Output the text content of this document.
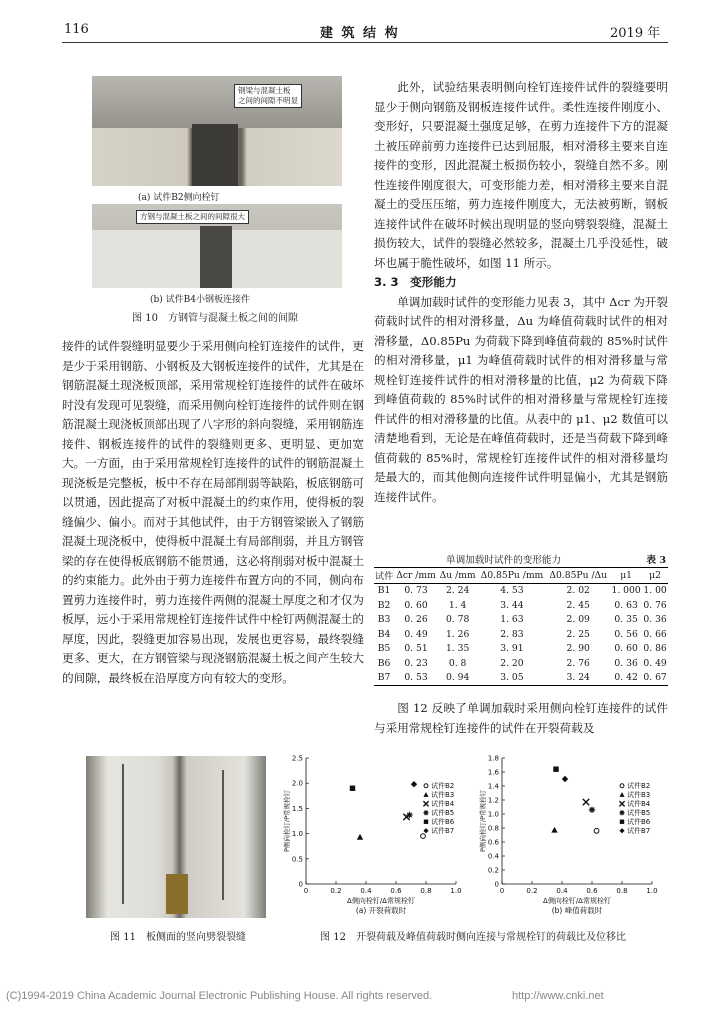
116	建 筑 结 构	2019 年
钢梁与混凝土板
之间的间隙不明显
(a) 试件B2侧向栓钉
方钢与混凝土板之间的间隙很大
(b) 试件B4小钢板连接件
图 10　方钢管与混凝土板之间的间隙

接件的试件裂缝明显要少于采用侧向栓钉连接件的试件，更是少于采用钢筋、小钢板及大钢板连接件的试件，尤其是在钢筋混凝土现浇板顶部，采用常规栓钉连接件的试件在破坏时没有发现可见裂缝，而采用侧向栓钉连接件的试件则在钢筋混凝土现浇板顶部出现了八字形的斜向裂缝，采用钢筋连接件、钢板连接件的试件的裂缝则更多、更明显、更加宽大。一方面，由于采用常规栓钉连接件的试件的钢筋混凝土现浇板是完整板，板中不存在局部削弱等缺陷，板底钢筋可以贯通，因此提高了对板中混凝土的约束作用，使得板的裂缝偏少、偏小。而对于其他试件，由于方钢管梁嵌入了钢筋混凝土现浇板中，使得板中混凝土有局部削弱，并且方钢管梁的存在使得板底钢筋不能贯通，这必将削弱对板中混凝土的约束能力。此外由于剪力连接件布置方向的不同，侧向布置剪力连接件时，剪力连接件两侧的混凝土厚度之和才仅为板厚，远小于采用常规栓钉连接件试件中栓钉两侧混凝土的厚度，因此，裂缝更加容易出现，发展也更容易，最终裂缝更多、更大，在方钢管梁与现浇钢筋混凝土板之间产生较大的间隙，最终板在沿厚度方向有较大的变形。

此外，试验结果表明侧向栓钉连接件试件的裂缝要明显少于侧向钢筋及钢板连接件试件。柔性连接件刚度小、变形好，只要混凝土强度足够，在剪力连接件下方的混凝土被压碎前剪力连接件已达到屈服，相对滑移主要来自连接件的变形，因此混凝土板损伤较小，裂缝自然不多。刚性连接件刚度很大，可变形能力差，相对滑移主要来自混凝土的受压压缩，剪力连接件刚度大，无法被剪断，钢板连接件试件在破坏时候出现明显的竖向劈裂裂缝，混凝土损伤较大，试件的裂缝必然较多，混凝土几乎没延性，破坏也属于脆性破坏，如图 11 所示。

3. 3　变形能力

单调加载时试件的变形能力见表 3，其中 Δcr 为开裂荷载时试件的相对滑移量，Δu 为峰值荷载时试件的相对滑移量，Δ0.85Pu 为荷载下降到峰值荷载的 85%时试件的相对滑移量，μ1 为峰值荷载时试件的相对滑移量与常规栓钉连接件试件的相对滑移量的比值，μ2 为荷载下降到峰值荷载的 85%时试件的相对滑移量与常规栓钉连接件试件的相对滑移量的比值。从表中的 μ1、μ2 数值可以清楚地看到，无论是在峰值荷载时，还是当荷载下降到峰值荷载的 85%时，常规栓钉连接件试件的相对滑移量均是最大的，而其他侧向连接件试件明显偏小，尤其是钢筋连接件试件。

单调加载时试件的变形能力	表 3
试件	Δcr /mm	Δu /mm	Δ0.85Pu /mm	Δ0.85Pu /Δu	μ1	μ2
B1	0. 73	2. 24	4. 53	2. 02	1. 000	1. 00
B2	0. 60	1. 4	3. 44	2. 45	0. 63	0. 76
B3	0. 26	0. 78	1. 63	2. 09	0. 35	0. 36
B4	0. 49	1. 26	2. 83	2. 25	0. 56	0. 66
B5	0. 51	1. 35	3. 91	2. 90	0. 60	0. 86
B6	0. 23	0. 8	2. 20	2. 76	0. 36	0. 49
B7	0. 53	0. 94	3. 05	3. 24	0. 42	0. 67

图 12 反映了单调加载时采用侧向栓钉连接件的试件与采用常规栓钉连接件的试件在开裂荷载及

图 11　板侧面的竖向劈裂裂缝
0	0.2	0.4	0.6	0.8	1.0
0
0.5
1.0
1.5
2.0
2.5
Δ侧向栓钉/Δ常规栓钉
(a) 开裂荷载时
P侧向栓钉/P常规栓钉
试件B2
试件B3
试件B4
试件B5
试件B6
试件B7
0	0.2	0.4	0.6	0.8	1.0
0
0.2
0.4
0.6
0.8
1.0
1.2
1.4
1.6
1.8
Δ侧向栓钉/Δ常规栓钉
(b) 峰值荷载时
P侧向栓钉/P常规栓钉
试件B2
试件B3
试件B4
试件B5
试件B6
试件B7
图 12　开裂荷载及峰值荷载时侧向连接与常规栓钉的荷载比及位移比
(C)1994-2019 China Academic Journal Electronic Publishing House. All rights reserved.	http://www.cnki.net
